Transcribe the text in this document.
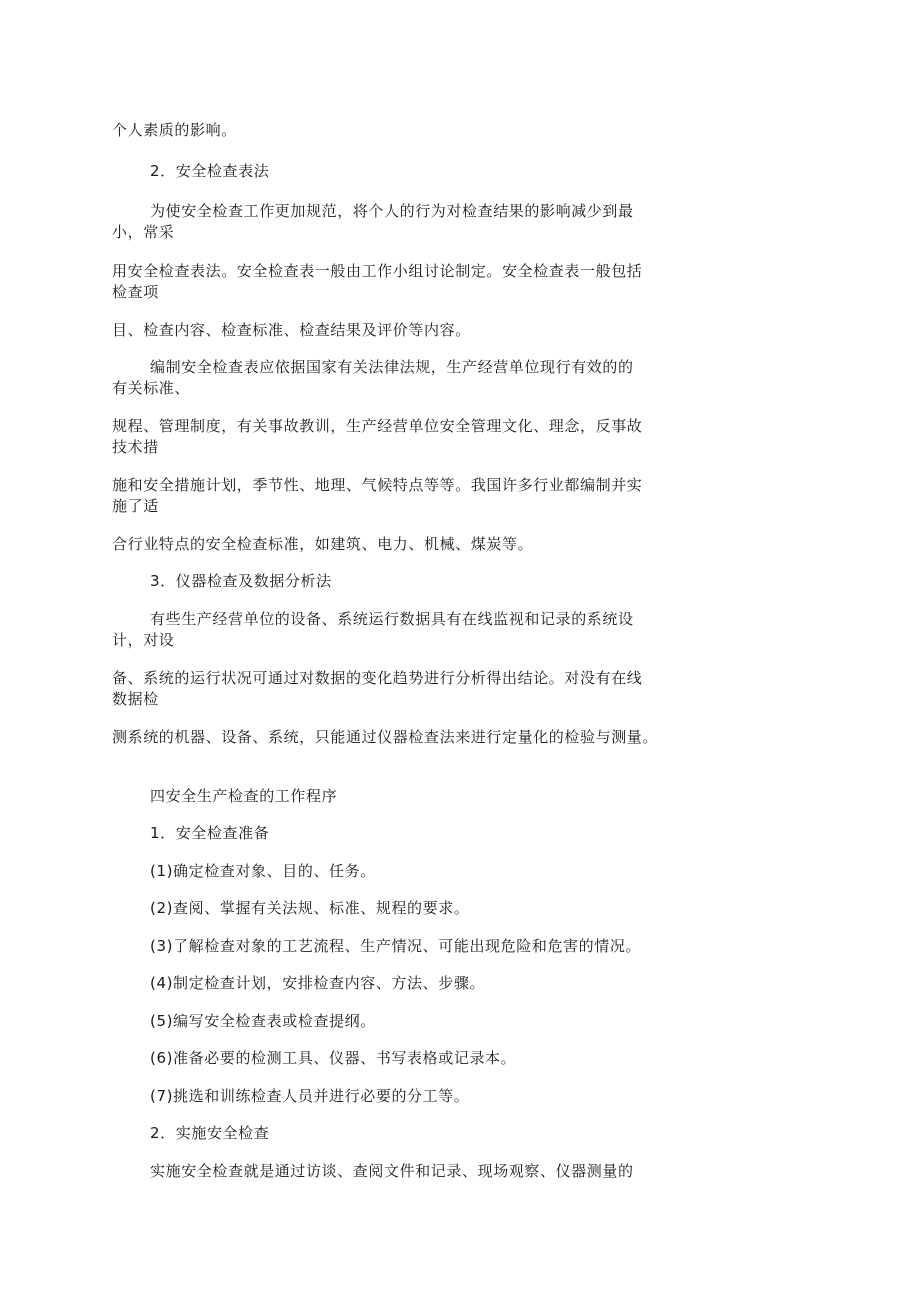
个人素质的影响。
2．安全检查表法
为使安全检查工作更加规范，将个人的行为对检查结果的影响减少到最
小，常采
用安全检查表法。安全检查表一般由工作小组讨论制定。安全检查表一般包括
检查项
目、检查内容、检查标准、检查结果及评价等内容。
编制安全检查表应依据国家有关法律法规，生产经营单位现行有效的的
有关标准、
规程、管理制度，有关事故教训，生产经营单位安全管理文化、理念，反事故
技术措
施和安全措施计划，季节性、地理、气候特点等等。我国许多行业都编制并实
施了适
合行业特点的安全检查标准，如建筑、电力、机械、煤炭等。
3．仪器检查及数据分析法
有些生产经营单位的设备、系统运行数据具有在线监视和记录的系统设
计，对设
备、系统的运行状况可通过对数据的变化趋势进行分析得出结论。对没有在线
数据检
测系统的机器、设备、系统，只能通过仪器检查法来进行定量化的检验与测量。
四安全生产检查的工作程序
1．安全检查准备
(1)确定检查对象、目的、任务。
(2)查阅、掌握有关法规、标准、规程的要求。
(3)了解检查对象的工艺流程、生产情况、可能出现危险和危害的情况。
(4)制定检查计划，安排检查内容、方法、步骤。
(5)编写安全检查表或检查提纲。
(6)准备必要的检测工具、仪器、书写表格或记录本。
(7)挑选和训练检查人员并进行必要的分工等。
2．实施安全检查
实施安全检查就是通过访谈、查阅文件和记录、现场观察、仪器测量的
